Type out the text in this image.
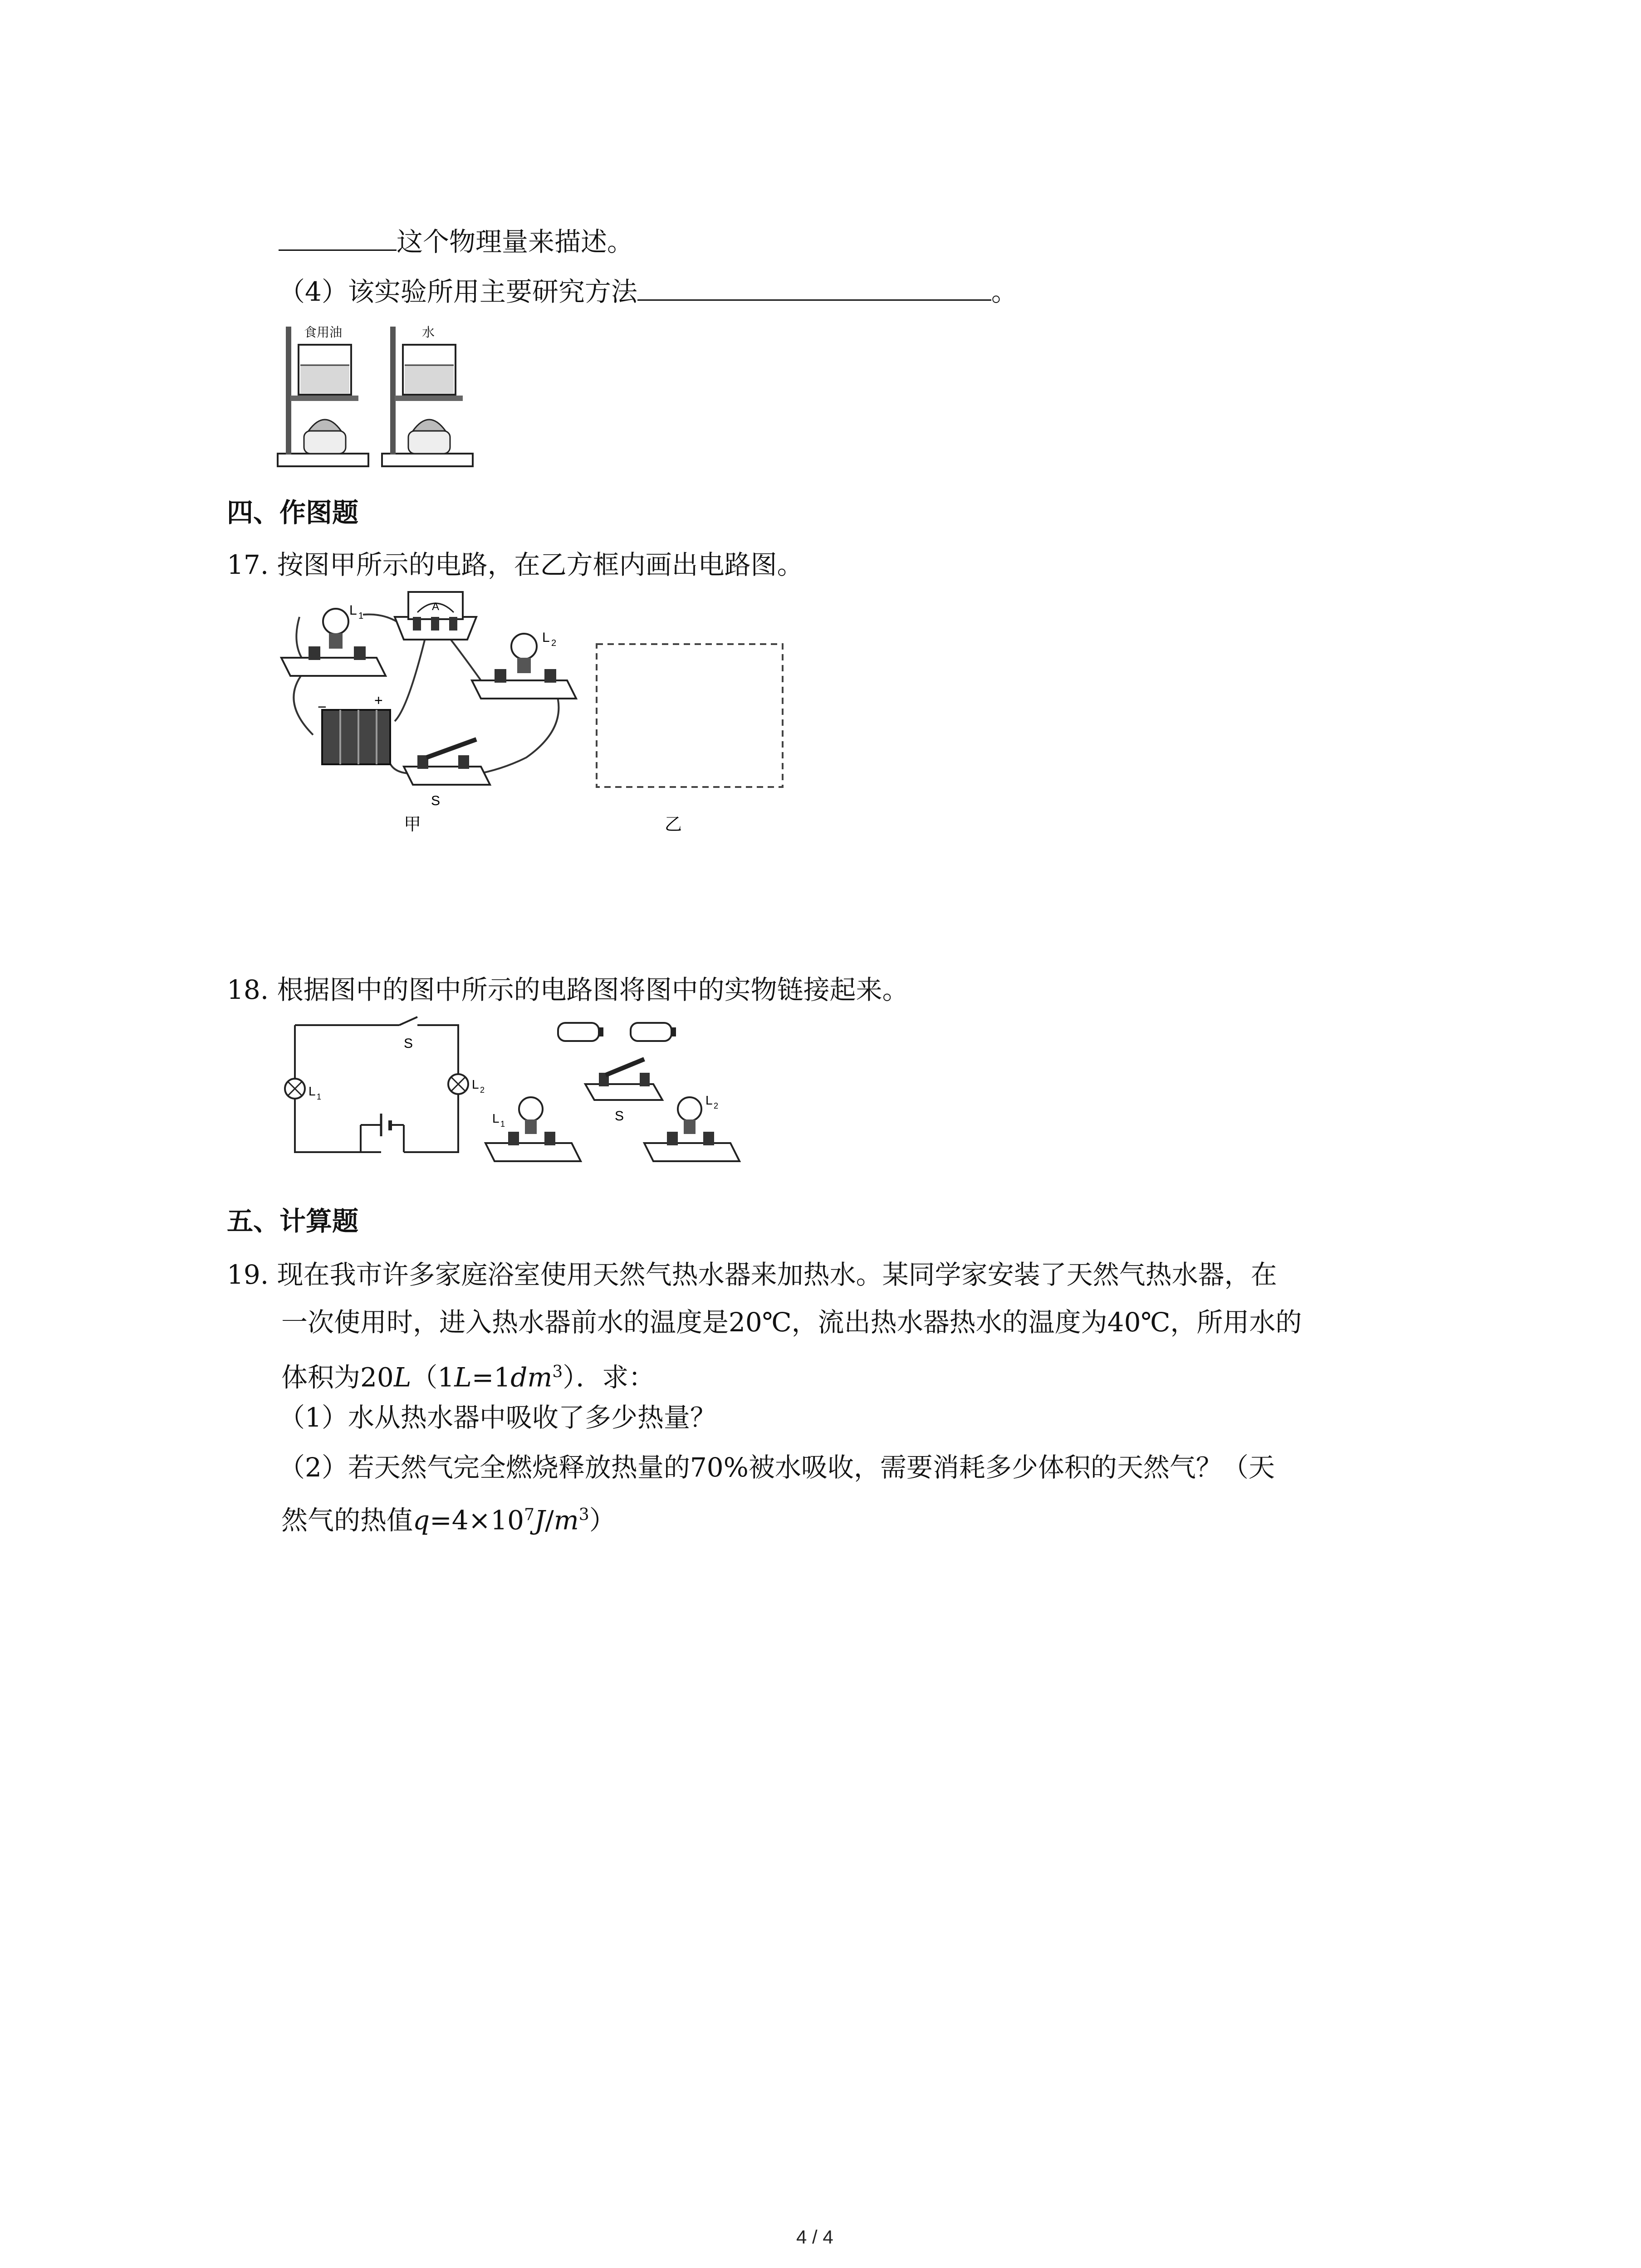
这个物理量来描述。
（4）该实验所用主要研究方法	。
食用油	水
四、作图题
17. 按图甲所示的电路，在乙方框内画出电路图。
L 1
A
L 2
−	+
S
甲	乙
18. 根据图中的图中所示的电路图将图中的实物链接起来。
S
L 1
L 2
S
L 1
L 2
五、计算题
19. 现在我市许多家庭浴室使用天然气热水器来加热水。某同学家安装了天然气热水器，在
一次使用时，进入热水器前水的温度是20℃，流出热水器热水的温度为40℃，所用水的
体积为$20L(1L=1dm^3)$．求：
（1）水从热水器中吸收了多少热量？
（2）若天然气完全燃烧释放热量的70%被水吸收，需要消耗多少体积的天然气？（天
然气的热值$q=4\times 10^7J/m^3$）
4 / 4
